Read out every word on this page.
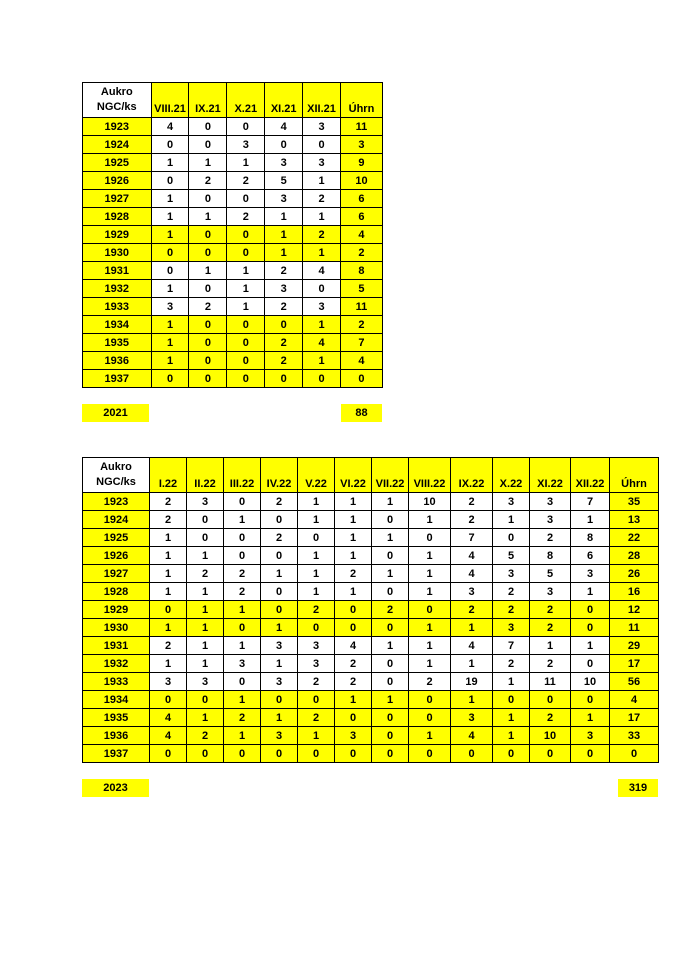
Aukro
NGC/ks	VIII.21	IX.21	X.21	XI.21	XII.21	Úhrn
1923	4	0	0	4	3	11
1924	0	0	3	0	0	3
1925	1	1	1	3	3	9
1926	0	2	2	5	1	10
1927	1	0	0	3	2	6
1928	1	1	2	1	1	6
1929	1	0	0	1	2	4
1930	0	0	0	1	1	2
1931	0	1	1	2	4	8
1932	1	0	1	3	0	5
1933	3	2	1	2	3	11
1934	1	0	0	0	1	2
1935	1	0	0	2	4	7
1936	1	0	0	2	1	4
1937	0	0	0	0	0	0
2021	88
Aukro
NGC/ks	I.22	II.22	III.22	IV.22	V.22	VI.22	VII.22	VIII.22	IX.22	X.22	XI.22	XII.22	Úhrn
1923	2	3	0	2	1	1	1	10	2	3	3	7	35
1924	2	0	1	0	1	1	0	1	2	1	3	1	13
1925	1	0	0	2	0	1	1	0	7	0	2	8	22
1926	1	1	0	0	1	1	0	1	4	5	8	6	28
1927	1	2	2	1	1	2	1	1	4	3	5	3	26
1928	1	1	2	0	1	1	0	1	3	2	3	1	16
1929	0	1	1	0	2	0	2	0	2	2	2	0	12
1930	1	1	0	1	0	0	0	1	1	3	2	0	11
1931	2	1	1	3	3	4	1	1	4	7	1	1	29
1932	1	1	3	1	3	2	0	1	1	2	2	0	17
1933	3	3	0	3	2	2	0	2	19	1	11	10	56
1934	0	0	1	0	0	1	1	0	1	0	0	0	4
1935	4	1	2	1	2	0	0	0	3	1	2	1	17
1936	4	2	1	3	1	3	0	1	4	1	10	3	33
1937	0	0	0	0	0	0	0	0	0	0	0	0	0
2023	319
